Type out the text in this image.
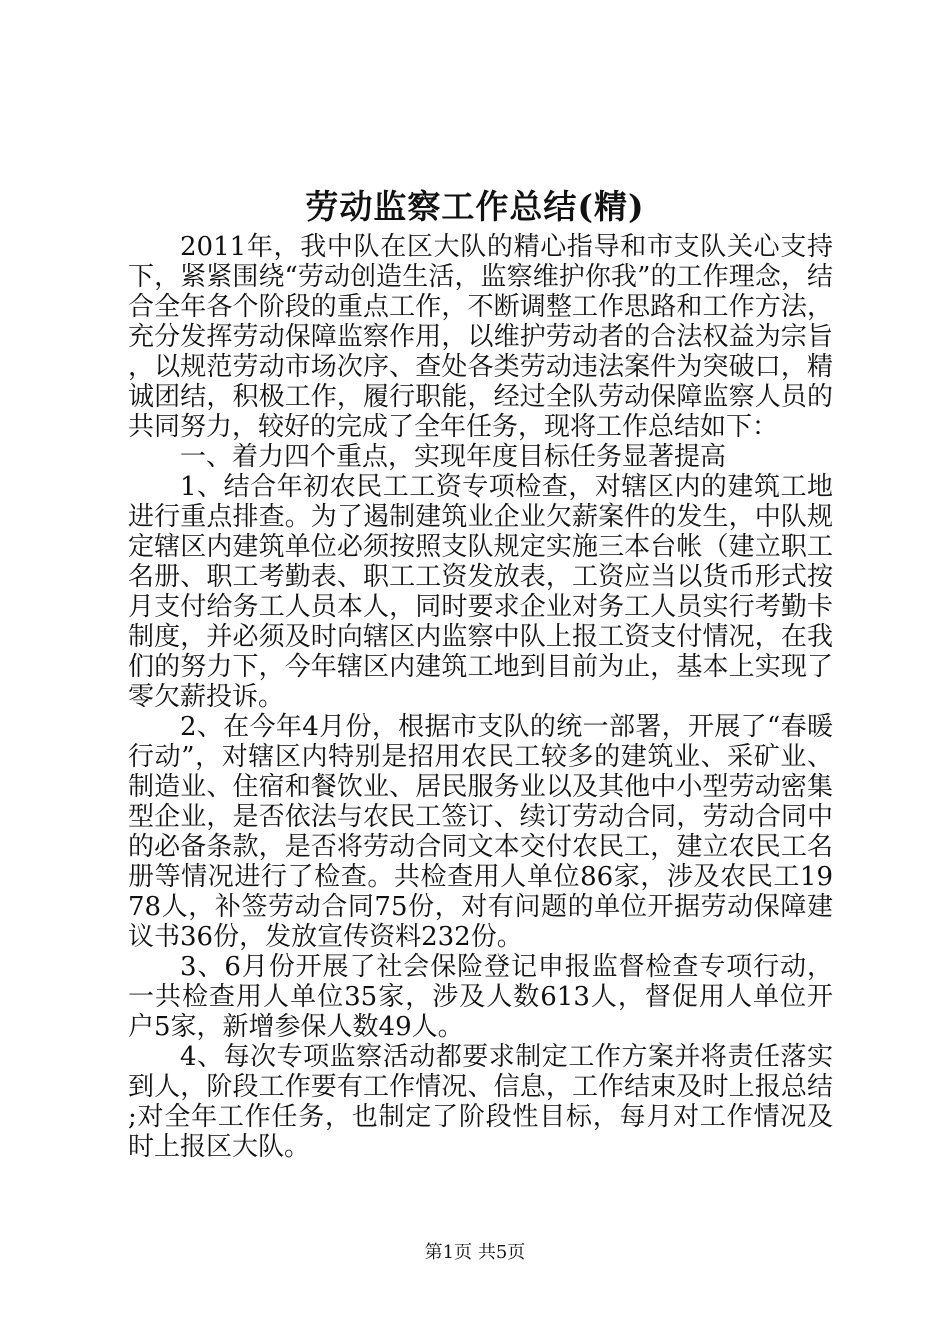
劳动监察工作总结(精)

2011年，我中队在区大队的精心指导和市支队关心支持下，紧紧围绕“劳动创造生活，监察维护你我”的工作理念，结合全年各个阶段的重点工作，不断调整工作思路和工作方法，充分发挥劳动保障监察作用，以维护劳动者的合法权益为宗旨，以规范劳动市场次序、查处各类劳动违法案件为突破口，精诚团结，积极工作，履行职能，经过全队劳动保障监察人员的共同努力，较好的完成了全年任务，现将工作总结如下：

一、着力四个重点，实现年度目标任务显著提高

1、结合年初农民工工资专项检查，对辖区内的建筑工地进行重点排查。为了遏制建筑业企业欠薪案件的发生，中队规定辖区内建筑单位必须按照支队规定实施三本台帐（建立职工名册、职工考勤表、职工工资发放表，工资应当以货币形式按月支付给务工人员本人，同时要求企业对务工人员实行考勤卡制度，并必须及时向辖区内监察中队上报工资支付情况，在我们的努力下，今年辖区内建筑工地到目前为止，基本上实现了零欠薪投诉。

2、在今年4月份，根据市支队的统一部署，开展了“春暖行动”，对辖区内特别是招用农民工较多的建筑业、采矿业、制造业、住宿和餐饮业、居民服务业以及其他中小型劳动密集型企业，是否依法与农民工签订、续订劳动合同，劳动合同中的必备条款，是否将劳动合同文本交付农民工，建立农民工名册等情况进行了检查。共检查用人单位86家，涉及农民工1978人，补签劳动合同75份，对有问题的单位开据劳动保障建议书36份，发放宣传资料232份。

3、6月份开展了社会保险登记申报监督检查专项行动，一共检查用人单位35家，涉及人数613人，督促用人单位开户5家，新增参保人数49人。

4、每次专项监察活动都要求制定工作方案并将责任落实到人，阶段工作要有工作情况、信息，工作结束及时上报总结;对全年工作任务，也制定了阶段性目标，每月对工作情况及时上报区大队。

第1页 共5页
